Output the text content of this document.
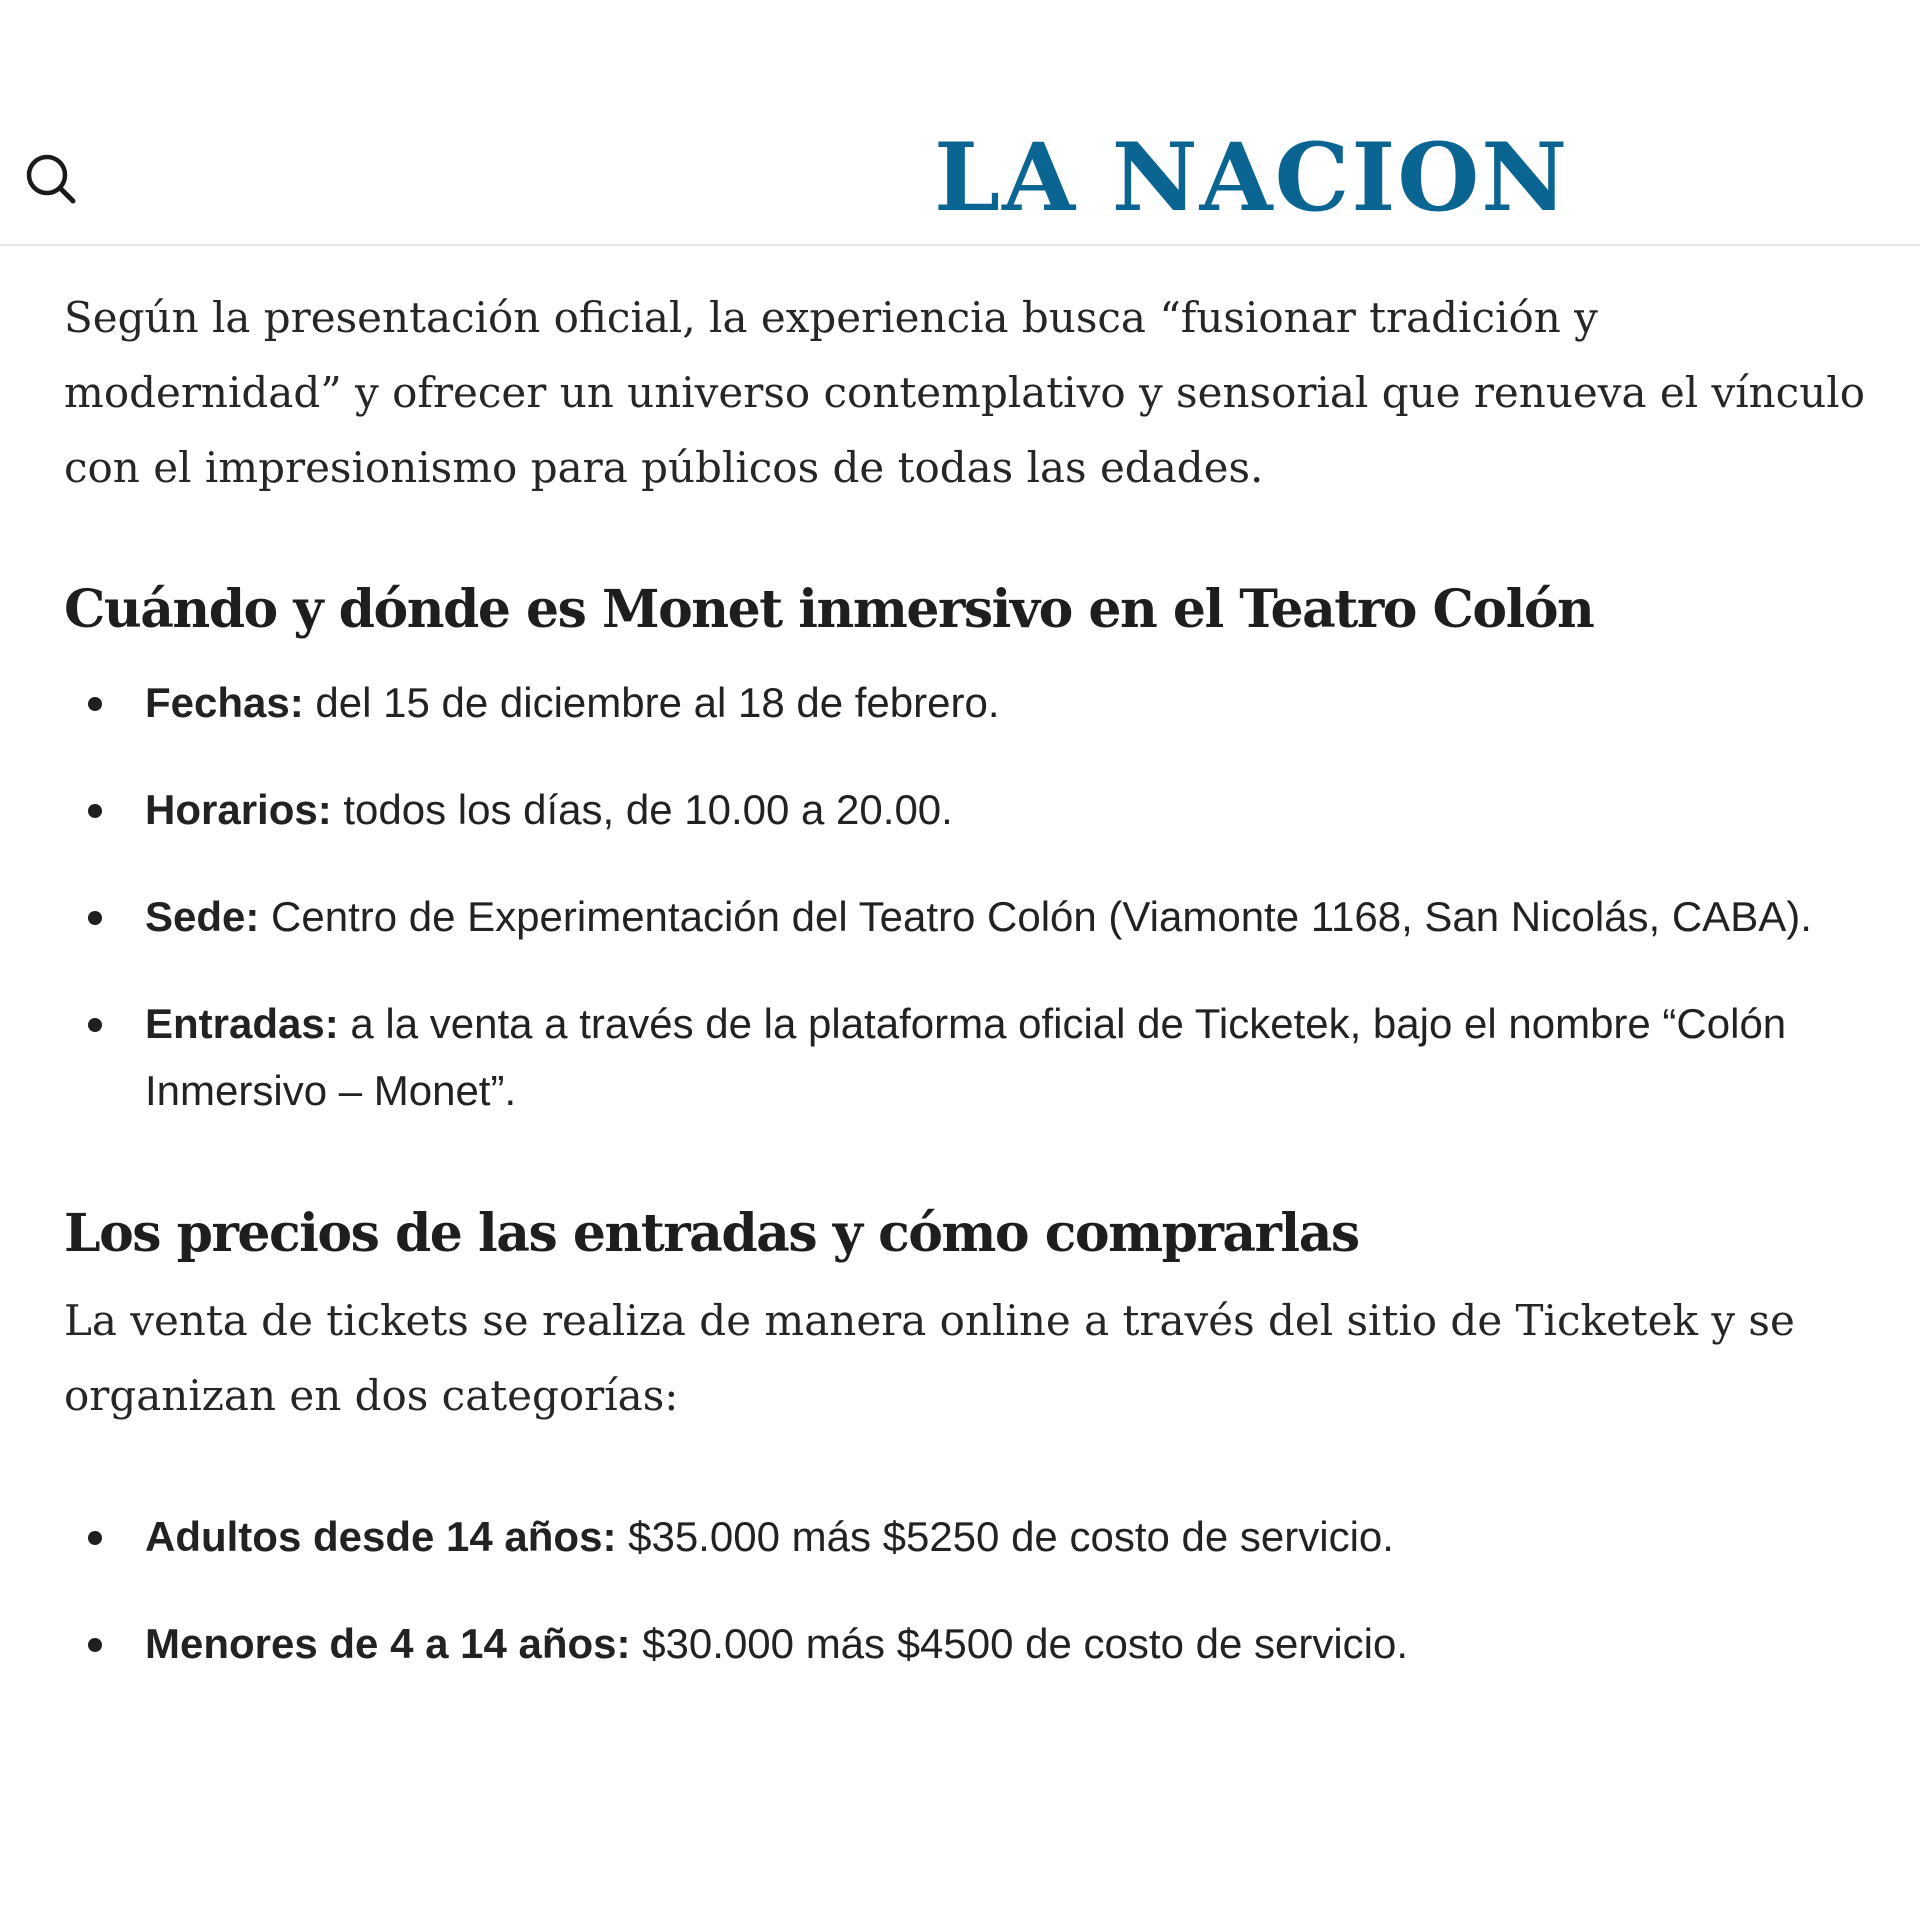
LA NACION

Según la presentación oficial, la experiencia busca “fusionar tradición y modernidad” y ofrecer un universo contemplativo y sensorial que renueva el vínculo con el impresionismo para públicos de todas las edades.

Cuándo y dónde es Monet inmersivo en el Teatro Colón
Fechas: del 15 de diciembre al 18 de febrero.
Horarios: todos los días, de 10.00 a 20.00.
Sede: Centro de Experimentación del Teatro Colón (Viamonte 1168, San Nicolás, CABA).
Entradas: a la venta a través de la plataforma oficial de Ticketek, bajo el nombre “Colón Inmersivo – Monet”.
Los precios de las entradas y cómo comprarlas

La venta de tickets se realiza de manera online a través del sitio de Ticketek y se organizan en dos categorías:

Adultos desde 14 años: $35.000 más $5250 de costo de servicio.
Menores de 4 a 14 años: $30.000 más $4500 de costo de servicio.
